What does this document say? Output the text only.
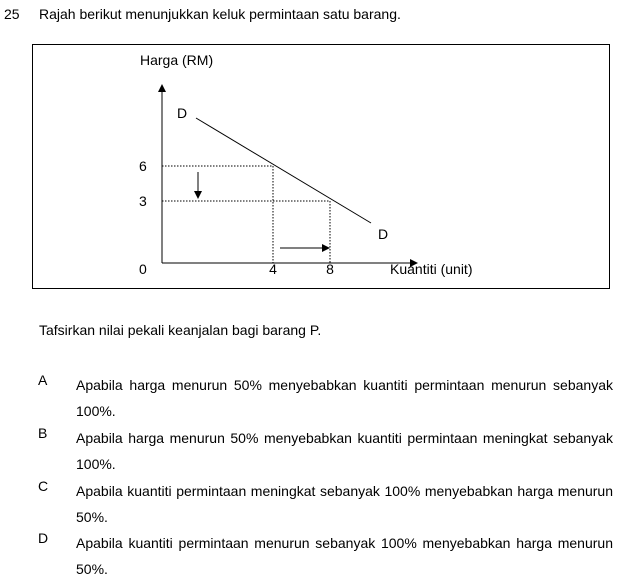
25 Rajah berikut menunjukkan keluk permintaan satu barang.
Harga (RM)
Kuantiti (unit)
0
D
D
6
3
4	8
Tafsirkan nilai pekali keanjalan bagi barang P.
A Apabila harga menurun 50% menyebabkan kuantiti permintaan menurun sebanyak 100%.
B Apabila harga menurun 50% menyebabkan kuantiti permintaan meningkat sebanyak 100%.
C Apabila kuantiti permintaan meningkat sebanyak 100% menyebabkan harga menurun 50%.
D Apabila kuantiti permintaan menurun sebanyak 100% menyebabkan harga menurun 50%.
